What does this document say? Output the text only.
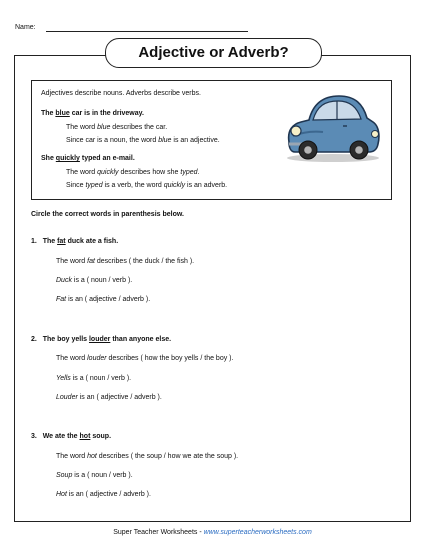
Name:
Adjective or Adverb?
Adjectives describe nouns. Adverbs describe verbs.
The blue car is in the driveway.
The word blue describes the car.
Since car is a noun, the word blue is an adjective.
She quickly typed an e-mail.
The word quickly describes how she typed.
Since typed is a verb, the word quickly is an adverb.
Circle the correct words in parenthesis below.
1. The fat duck ate a fish.
The word fat describes ( the duck / the fish ).
Duck is a ( noun / verb ).
Fat is an ( adjective / adverb ).
2. The boy yells louder than anyone else.
The word louder describes ( how the boy yells / the boy ).
Yells is a ( noun / verb ).
Louder is an ( adjective / adverb ).
3. We ate the hot soup.
The word hot describes ( the soup / how we ate the soup ).
Soup is a ( noun / verb ).
Hot is an ( adjective / adverb ).
Super Teacher Worksheets - www.superteacherworksheets.com
